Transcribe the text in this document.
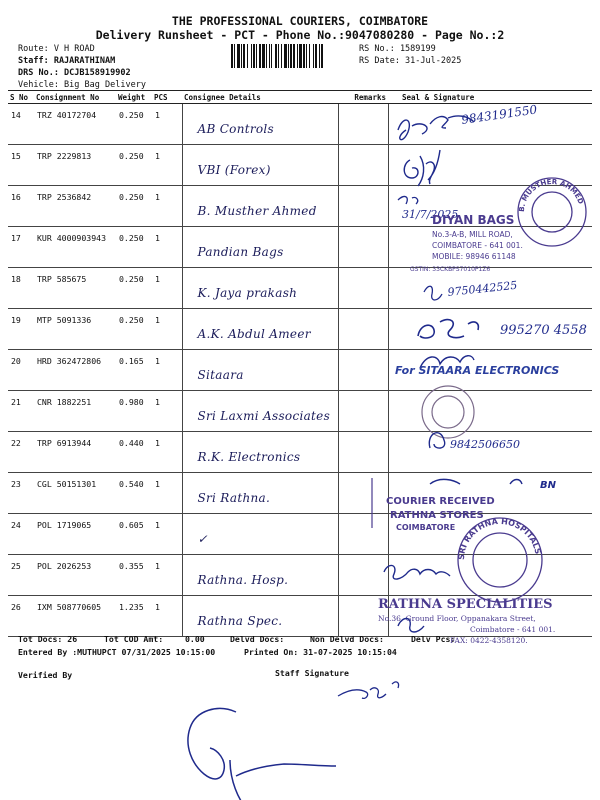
THE PROFESSIONAL COURIERS, COIMBATORE
Delivery Runsheet - PCT - Phone No.:9047080280 - Page No.:2
Route: V H ROAD
Staff: RAJARATHINAM
DRS No.: DCJB158919902
Vehicle: Big Bag Delivery
RS No.: 1589199
RS Date: 31-Jul-2025
S No	Consignment No	Weight	PCS	Consignee Details	Remarks	Seal & Signature
14	TRZ 40172704	0.250	1	AB Controls		

15	TRP 2229813	0.250	1	VBI (Forex)		

16	TRP 2536842	0.250	1	B. Musther Ahmed		

17	KUR 4000903943	0.250	1	Pandian Bags		

18	TRP 585675	0.250	1	K. Jaya prakash		

19	MTP 5091336	0.250	1	A.K. Abdul Ameer		

20	HRD 362472806	0.165	1	Sitaara		

21	CNR 1882251	0.980	1	Sri Laxmi Associates		

22	TRP 6913944	0.440	1	R.K. Electronics		

23	CGL 50151301	0.540	1	Sri Rathna.		

24	POL 1719065	0.605	1	✓		

25	POL 2026253	0.355	1	Rathna. Hosp.		

26	IXM 508770605	1.235	1	Rathna Spec.		

Tot Docs: 26	Tot COD Amt:	0.00	Delvd Docs:	Non Delvd Docs:	Delv Pcs:
Entered By :MUTHUPCT 07/31/2025 10:15:00	Printed On: 31-07-2025 10:15:04
Verified By	Staff Signature
9843191550
31/7/2025	B. MUSTHER AHMED
DIYAN BAGS
No.3-A-B, MILL ROAD,
COIMBATORE - 641 001.
MOBILE: 98946 61148
GSTIN: 33CKBPS7010P1Z6
9750442525
995270 4558
For SITAARA ELECTRONICS
9842506650
COURIER RECEIVED
RATHNA STORES
COIMBATORE
BN
SRI RATHNA HOSPITALS
RATHNA SPECIALITIES
No.36, Ground Floor, Oppanakara Street,
Coimbatore - 641 001.
FAX: 0422-4358120.
